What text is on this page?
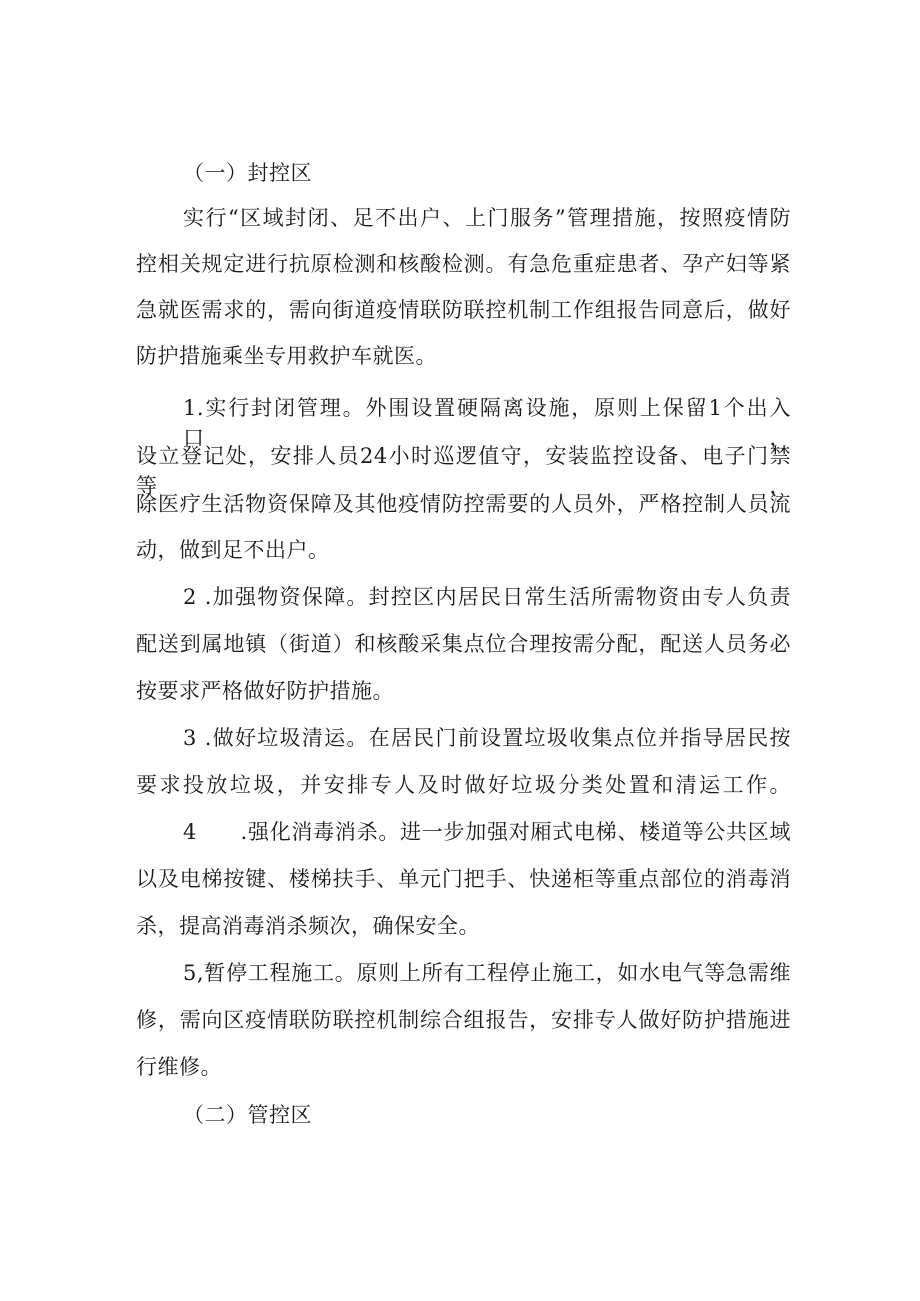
（一）封控区
实行“区域封闭、足不出户、上门服务”管理措施，按照疫情防
控相关规定进行抗原检测和核酸检测。有急危重症患者、孕产妇等紧
急就医需求的，需向街道疫情联防联控机制工作组报告同意后，做好
防护措施乘坐专用救护车就医。
1.实行封闭管理。外围设置硬隔离设施，原则上保留1个出入口，
设立登记处，安排人员24小时巡逻值守，安装监控设备、电子门禁等，
除医疗生活物资保障及其他疫情防控需要的人员外，严格控制人员流
动，做到足不出户。
2 .加强物资保障。封控区内居民日常生活所需物资由专人负责
配送到属地镇（街道）和核酸采集点位合理按需分配，配送人员务必
按要求严格做好防护措施。
3 .做好垃圾清运。在居民门前设置垃圾收集点位并指导居民按
要求投放垃圾，并安排专人及时做好垃圾分类处置和清运工作。
4　　.强化消毒消杀。进一步加强对厢式电梯、楼道等公共区域
以及电梯按键、楼梯扶手、单元门把手、快递柜等重点部位的消毒消
杀，提高消毒消杀频次，确保安全。
5,暂停工程施工。原则上所有工程停止施工，如水电气等急需维
修，需向区疫情联防联控机制综合组报告，安排专人做好防护措施进
行维修。
（二）管控区
